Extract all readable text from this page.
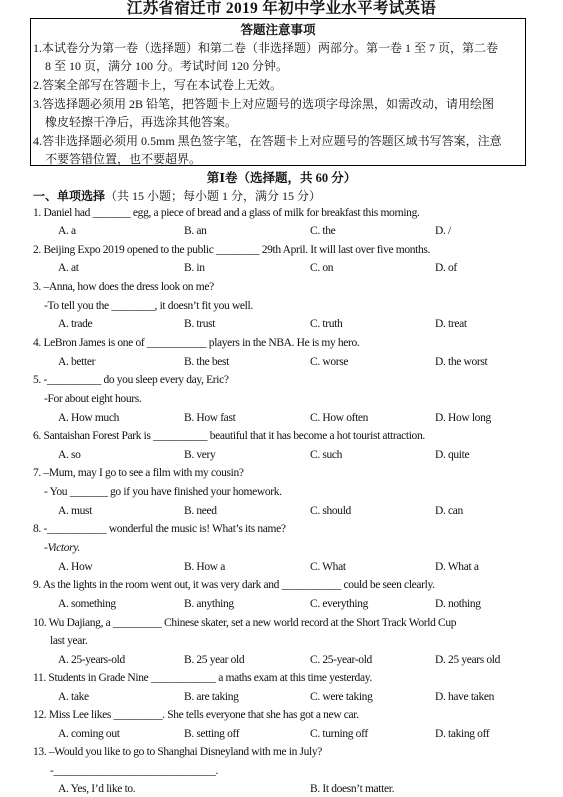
江苏省宿迁市 2019 年初中学业水平考试英语
答题注意事项
1.本试卷分为第一卷（选择题）和第二卷（非选择题）两部分。第一卷 1 至 7 页，第二卷
8 至 10 页，满分 100 分。考试时间 120 分钟。
2.答案全部写在答题卡上，写在本试卷上无效。
3.答选择题必须用 2B 铅笔，把答题卡上对应题号的选项字母涂黑，如需改动，请用绘图
橡皮轻擦干净后，再选涂其他答案。
4.答非选择题必须用 0.5mm 黑色签字笔，在答题卡上对应题号的答题区域书写答案，注意
不要答错位置，也不要超界。
第Ⅰ卷（选择题，共 60 分）
一、单项选择（共 15 小题；每小题 1 分，满分 15 分）
1. Daniel had _______ egg, a piece of bread and a glass of milk for breakfast this morning.
A. a	B. an	C. the	D. /
2. Beijing Expo 2019 opened to the public ________ 29th April. It will last over five months.
A. at	B. in	C. on	D. of
3. –Anna, how does the dress look on me?
-To tell you the ________, it doesn’t fit you well.
A. trade	B. trust	C. truth	D. treat
4. LeBron James is one of ___________ players in the NBA. He is my hero.
A. better	B. the best	C. worse	D. the worst
5. -__________ do you sleep every day, Eric?
-For about eight hours.
A. How much	B. How fast	C. How often	D. How long
6. Santaishan Forest Park is __________ beautiful that it has become a hot tourist attraction.
A. so	B. very	C. such	D. quite
7. –Mum, may I go to see a film with my cousin?
- You _______ go if you have finished your homework.
A. must	B. need	C. should	D. can
8. -___________ wonderful the music is! What’s its name?
-Victory.
A. How	B. How a	C. What	D. What a
9. As the lights in the room went out, it was very dark and ___________ could be seen clearly.
A. something	B. anything	C. everything	D. nothing
10. Wu Dajiang, a _________ Chinese skater, set a new world record at the Short Track World Cup
last year.
A. 25-years-old	B. 25 year old	C. 25-year-old	D. 25 years old
11. Students in Grade Nine ____________ a maths exam at this time yesterday.
A. take	B. are taking	C. were taking	D. have taken
12. Miss Lee likes _________. She tells everyone that she has got a new car.
A. coming out	B. setting off	C. turning off	D. taking off
13. –Would you like to go to Shanghai Disneyland with me in July?
-______________________________.
A. Yes, I’d like to.	B. It doesn’t matter.
